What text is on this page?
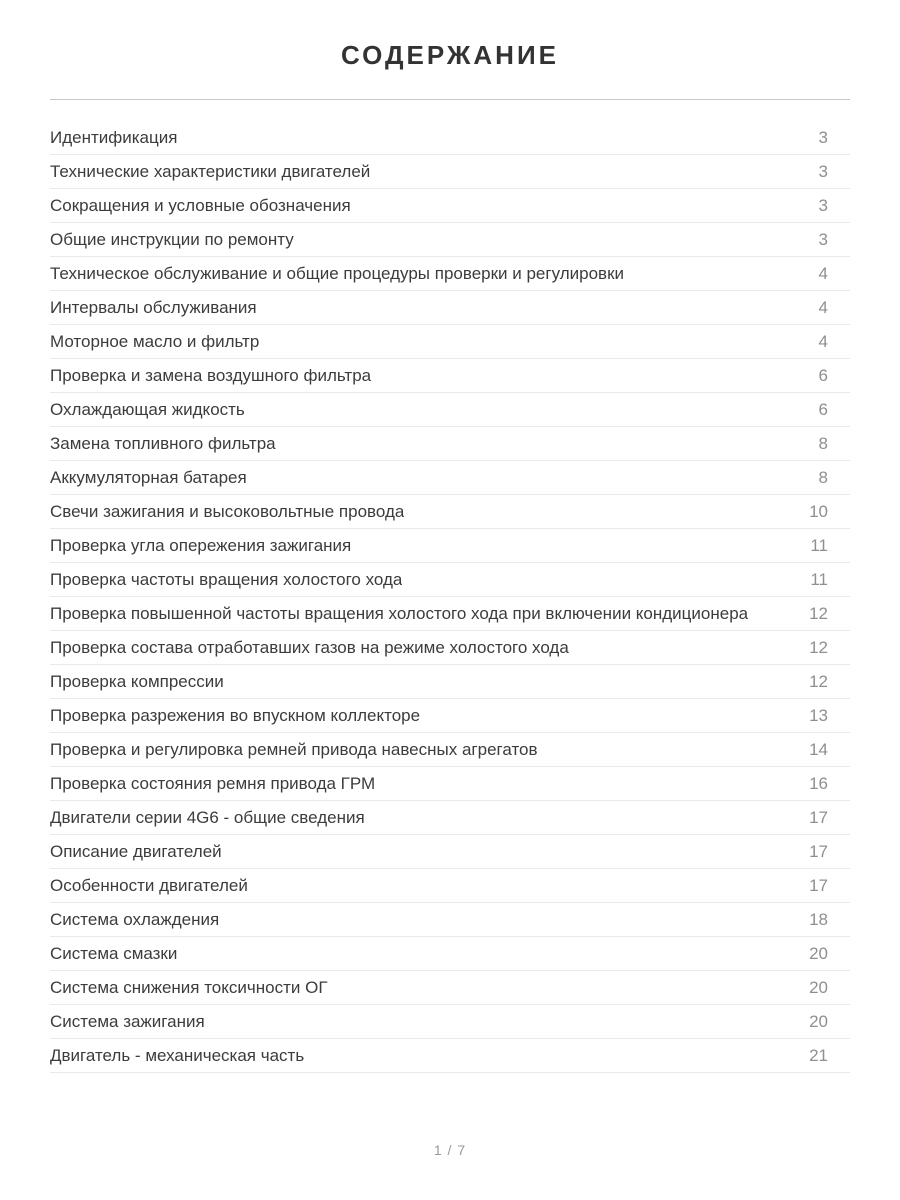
СОДЕРЖАНИЕ
Идентификация	3
Технические характеристики двигателей	3
Сокращения и условные обозначения	3
Общие инструкции по ремонту	3
Техническое обслуживание и общие процедуры проверки и регулировки	4
Интервалы обслуживания	4
Моторное масло и фильтр	4
Проверка и замена воздушного фильтра	6
Охлаждающая жидкость	6
Замена топливного фильтра	8
Аккумуляторная батарея	8
Свечи зажигания и высоковольтные провода	10
Проверка угла опережения зажигания	11
Проверка частоты вращения холостого хода	11
Проверка повышенной частоты вращения холостого хода при включении кондиционера	12
Проверка состава отработавших газов на режиме холостого хода	12
Проверка компрессии	12
Проверка разрежения во впускном коллекторе	13
Проверка и регулировка ремней привода навесных агрегатов	14
Проверка состояния ремня привода ГРМ	16
Двигатели серии 4G6 - общие сведения	17
Описание двигателей	17
Особенности двигателей	17
Система охлаждения	18
Система смазки	20
Система снижения токсичности ОГ	20
Система зажигания	20
Двигатель - механическая часть	21
1 / 7
